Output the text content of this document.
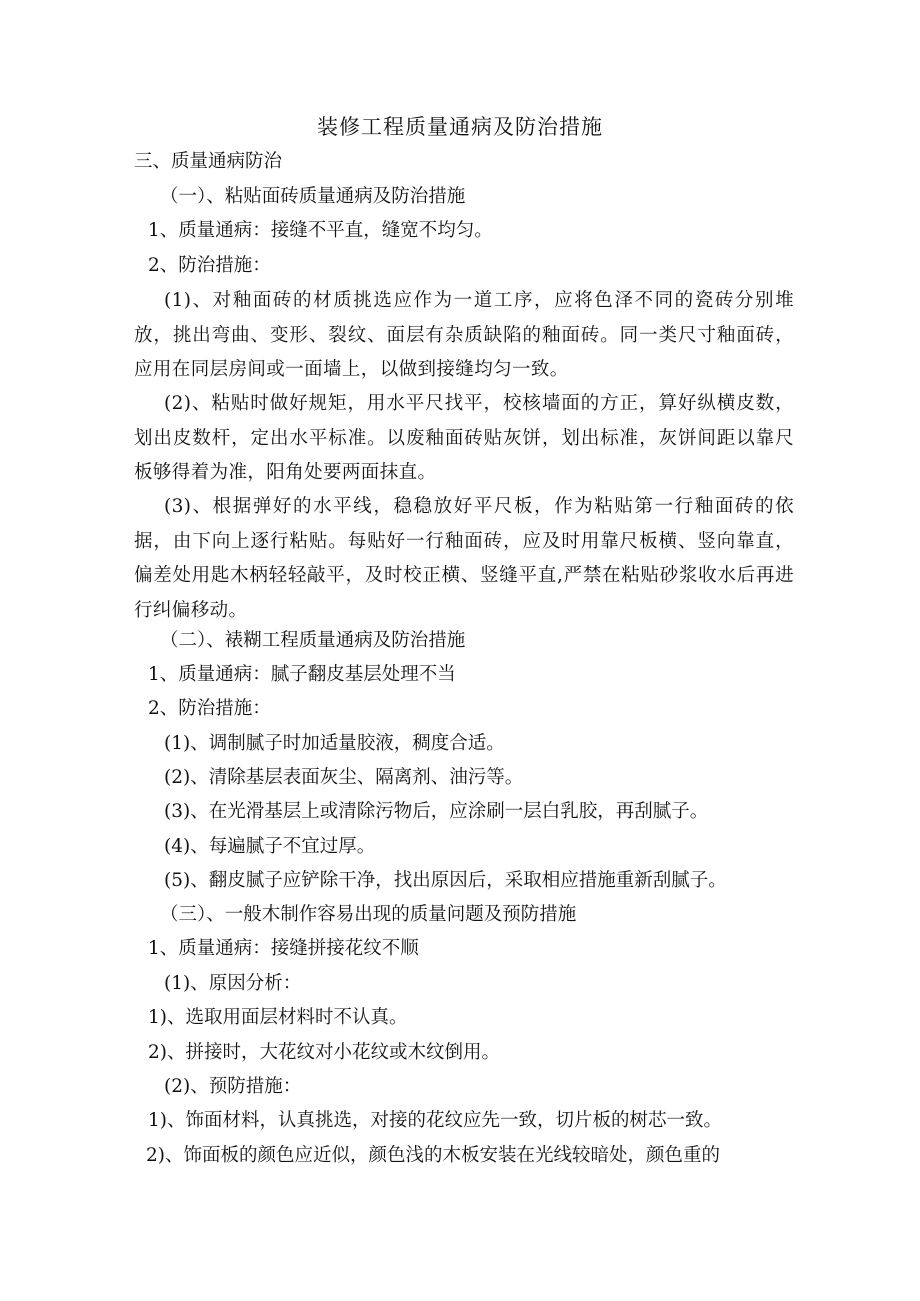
装修工程质量通病及防治措施
三、质量通病防治
（一）、粘贴面砖质量通病及防治措施
1、质量通病：接缝不平直，缝宽不均匀。
2、防治措施：

(1)、对釉面砖的材质挑选应作为一道工序，应将色泽不同的瓷砖分别堆放，挑出弯曲、变形、裂纹、面层有杂质缺陷的釉面砖。同一类尺寸釉面砖，应用在同层房间或一面墙上，以做到接缝均匀一致。

(2)、粘贴时做好规矩，用水平尺找平，校核墙面的方正，算好纵横皮数，划出皮数杆，定出水平标准。以废釉面砖贴灰饼，划出标准，灰饼间距以靠尺板够得着为准，阳角处要两面抹直。

(3)、根据弹好的水平线，稳稳放好平尺板，作为粘贴第一行釉面砖的依据，由下向上逐行粘贴。每贴好一行釉面砖，应及时用靠尺板横、竖向靠直，偏差处用匙木柄轻轻敲平，及时校正横、竖缝平直,严禁在粘贴砂浆收水后再进行纠偏移动。

（二）、裱糊工程质量通病及防治措施
1、质量通病：腻子翻皮基层处理不当
2、防治措施：
(1)、调制腻子时加适量胶液，稠度合适。
(2)、清除基层表面灰尘、隔离剂、油污等。
(3)、在光滑基层上或清除污物后，应涂刷一层白乳胶，再刮腻子。
(4)、每遍腻子不宜过厚。
(5)、翻皮腻子应铲除干净，找出原因后，采取相应措施重新刮腻子。
（三）、一般木制作容易出现的质量问题及预防措施
1、质量通病：接缝拼接花纹不顺
(1)、原因分析：
1)、选取用面层材料时不认真。
2)、拼接时，大花纹对小花纹或木纹倒用。
(2)、预防措施：
1)、饰面材料，认真挑选，对接的花纹应先一致，切片板的树芯一致。
2)、饰面板的颜色应近似，颜色浅的木板安装在光线较暗处，颜色重的
